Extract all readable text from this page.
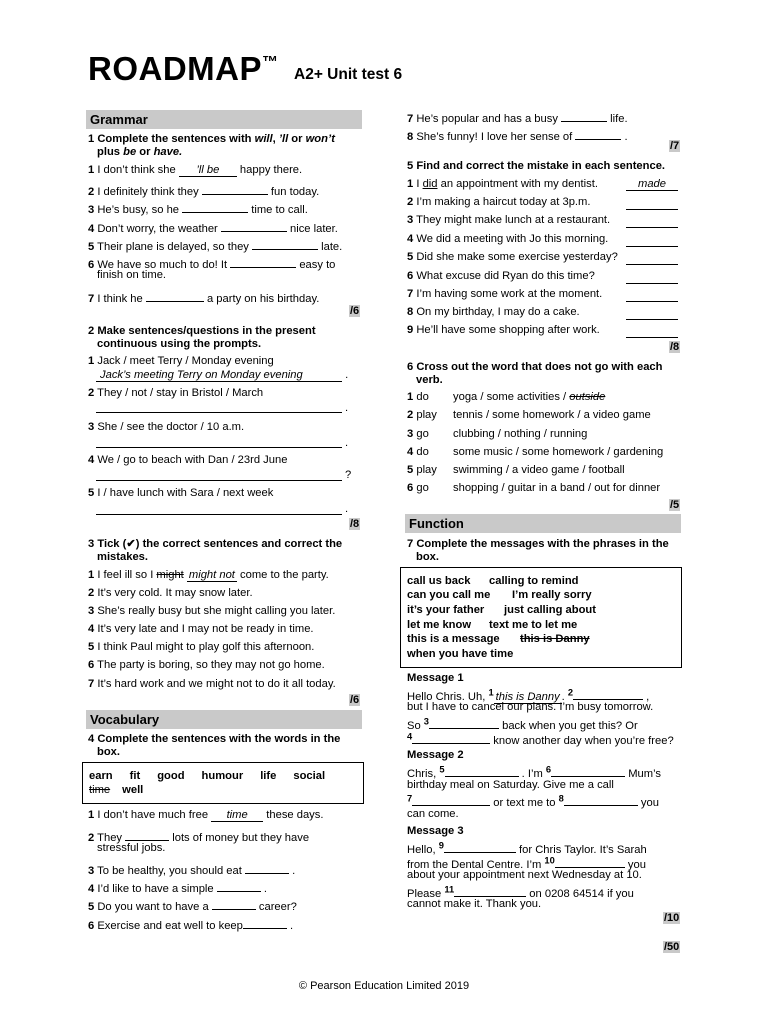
ROADMAP™
A2+ Unit test 6
Grammar
1 Complete the sentences with will, ’ll or won’t
plus be or have.
1 I don’t think she ’ll be happy there.
2 I definitely think they	fun today.
3 He’s busy, so he	time to call.
4 Don’t worry, the weather	nice later.
5 Their plane is delayed, so they	late.
6 We have so much to do! It	easy to
finish on time.
7 I think he	a party on his birthday.
/6
2 Make sentences/questions in the present
continuous using the prompts.
1 Jack / meet Terry / Monday evening
Jack’s meeting Terry on Monday evening	.
2 They / not / stay in Bristol / March
.
3 She / see the doctor / 10 a.m.
.
4 We / go to beach with Dan / 23rd June
?
5 I / have lunch with Sara / next week
.
/8
3 Tick (✔) the correct sentences and correct the
mistakes.
1 I feel ill so I might might not come to the party.
2 It’s very cold. It may snow later.
3 She’s really busy but she might calling you later.
4 It’s very late and I may not be ready in time.
5 I think Paul might to play golf this afternoon.
6 The party is boring, so they may not go home.
7 It’s hard work and we might not to do it all today.
/6
Vocabulary
4 Complete the sentences with the words in the
box.
earn fit good humour life social
time well
1 I don’t have much free time these days.
2 They	lots of money but they have
stressful jobs.
3 To be healthy, you should eat	.
4 I’d like to have a simple	.
5 Do you want to have a	career?
6 Exercise and eat well to keep	.
7 He’s popular and has a busy	life.
8 She’s funny! I love her sense of	.
/7
5 Find and correct the mistake in each sentence.
1 I did an appointment with my dentist.	made
2 I’m making a haircut today at 3p.m.
3 They might make lunch at a restaurant.
4 We did a meeting with Jo this morning.
5 Did she make some exercise yesterday?
6 What excuse did Ryan do this time?
7 I’m having some work at the moment.
8 On my birthday, I may do a cake.
9 He’ll have some shopping after work.
/8
6 Cross out the word that does not go with each
verb.
1 do yoga / some activities / outside
2 play tennis / some homework / a video game
3 go clubbing / nothing / running
4 do some music / some homework / gardening
5 play swimming / a video game / football
6 go shopping / guitar in a band / out for dinner
/5
Function
7 Complete the messages with the phrases in the
box.
call us back calling to remind
can you call me I’m really sorry
it’s your father just calling about
let me know text me to let me
this is a message this is Danny
when you have time
Message 1
Hello Chris. Uh, $^1$ this is Danny . $^2$	,
but I have to cancel our plans. I’m busy tomorrow.
So $^3$	back when you get this? Or
$^4$	know another day when you’re free?
Message 2
Chris, $^5$	. I’m $^6$	Mum’s
birthday meal on Saturday. Give me a call
$^7$	or text me to $^8$	you
can come.
Message 3
Hello, $^9$	for Chris Taylor. It’s Sarah
from the Dental Centre. I’m $^{10}$	you
about your appointment next Wednesday at 10.
Please $^{11}$	on 0208 64514 if you
cannot make it. Thank you.
/10
/50
© Pearson Education Limited 2019
